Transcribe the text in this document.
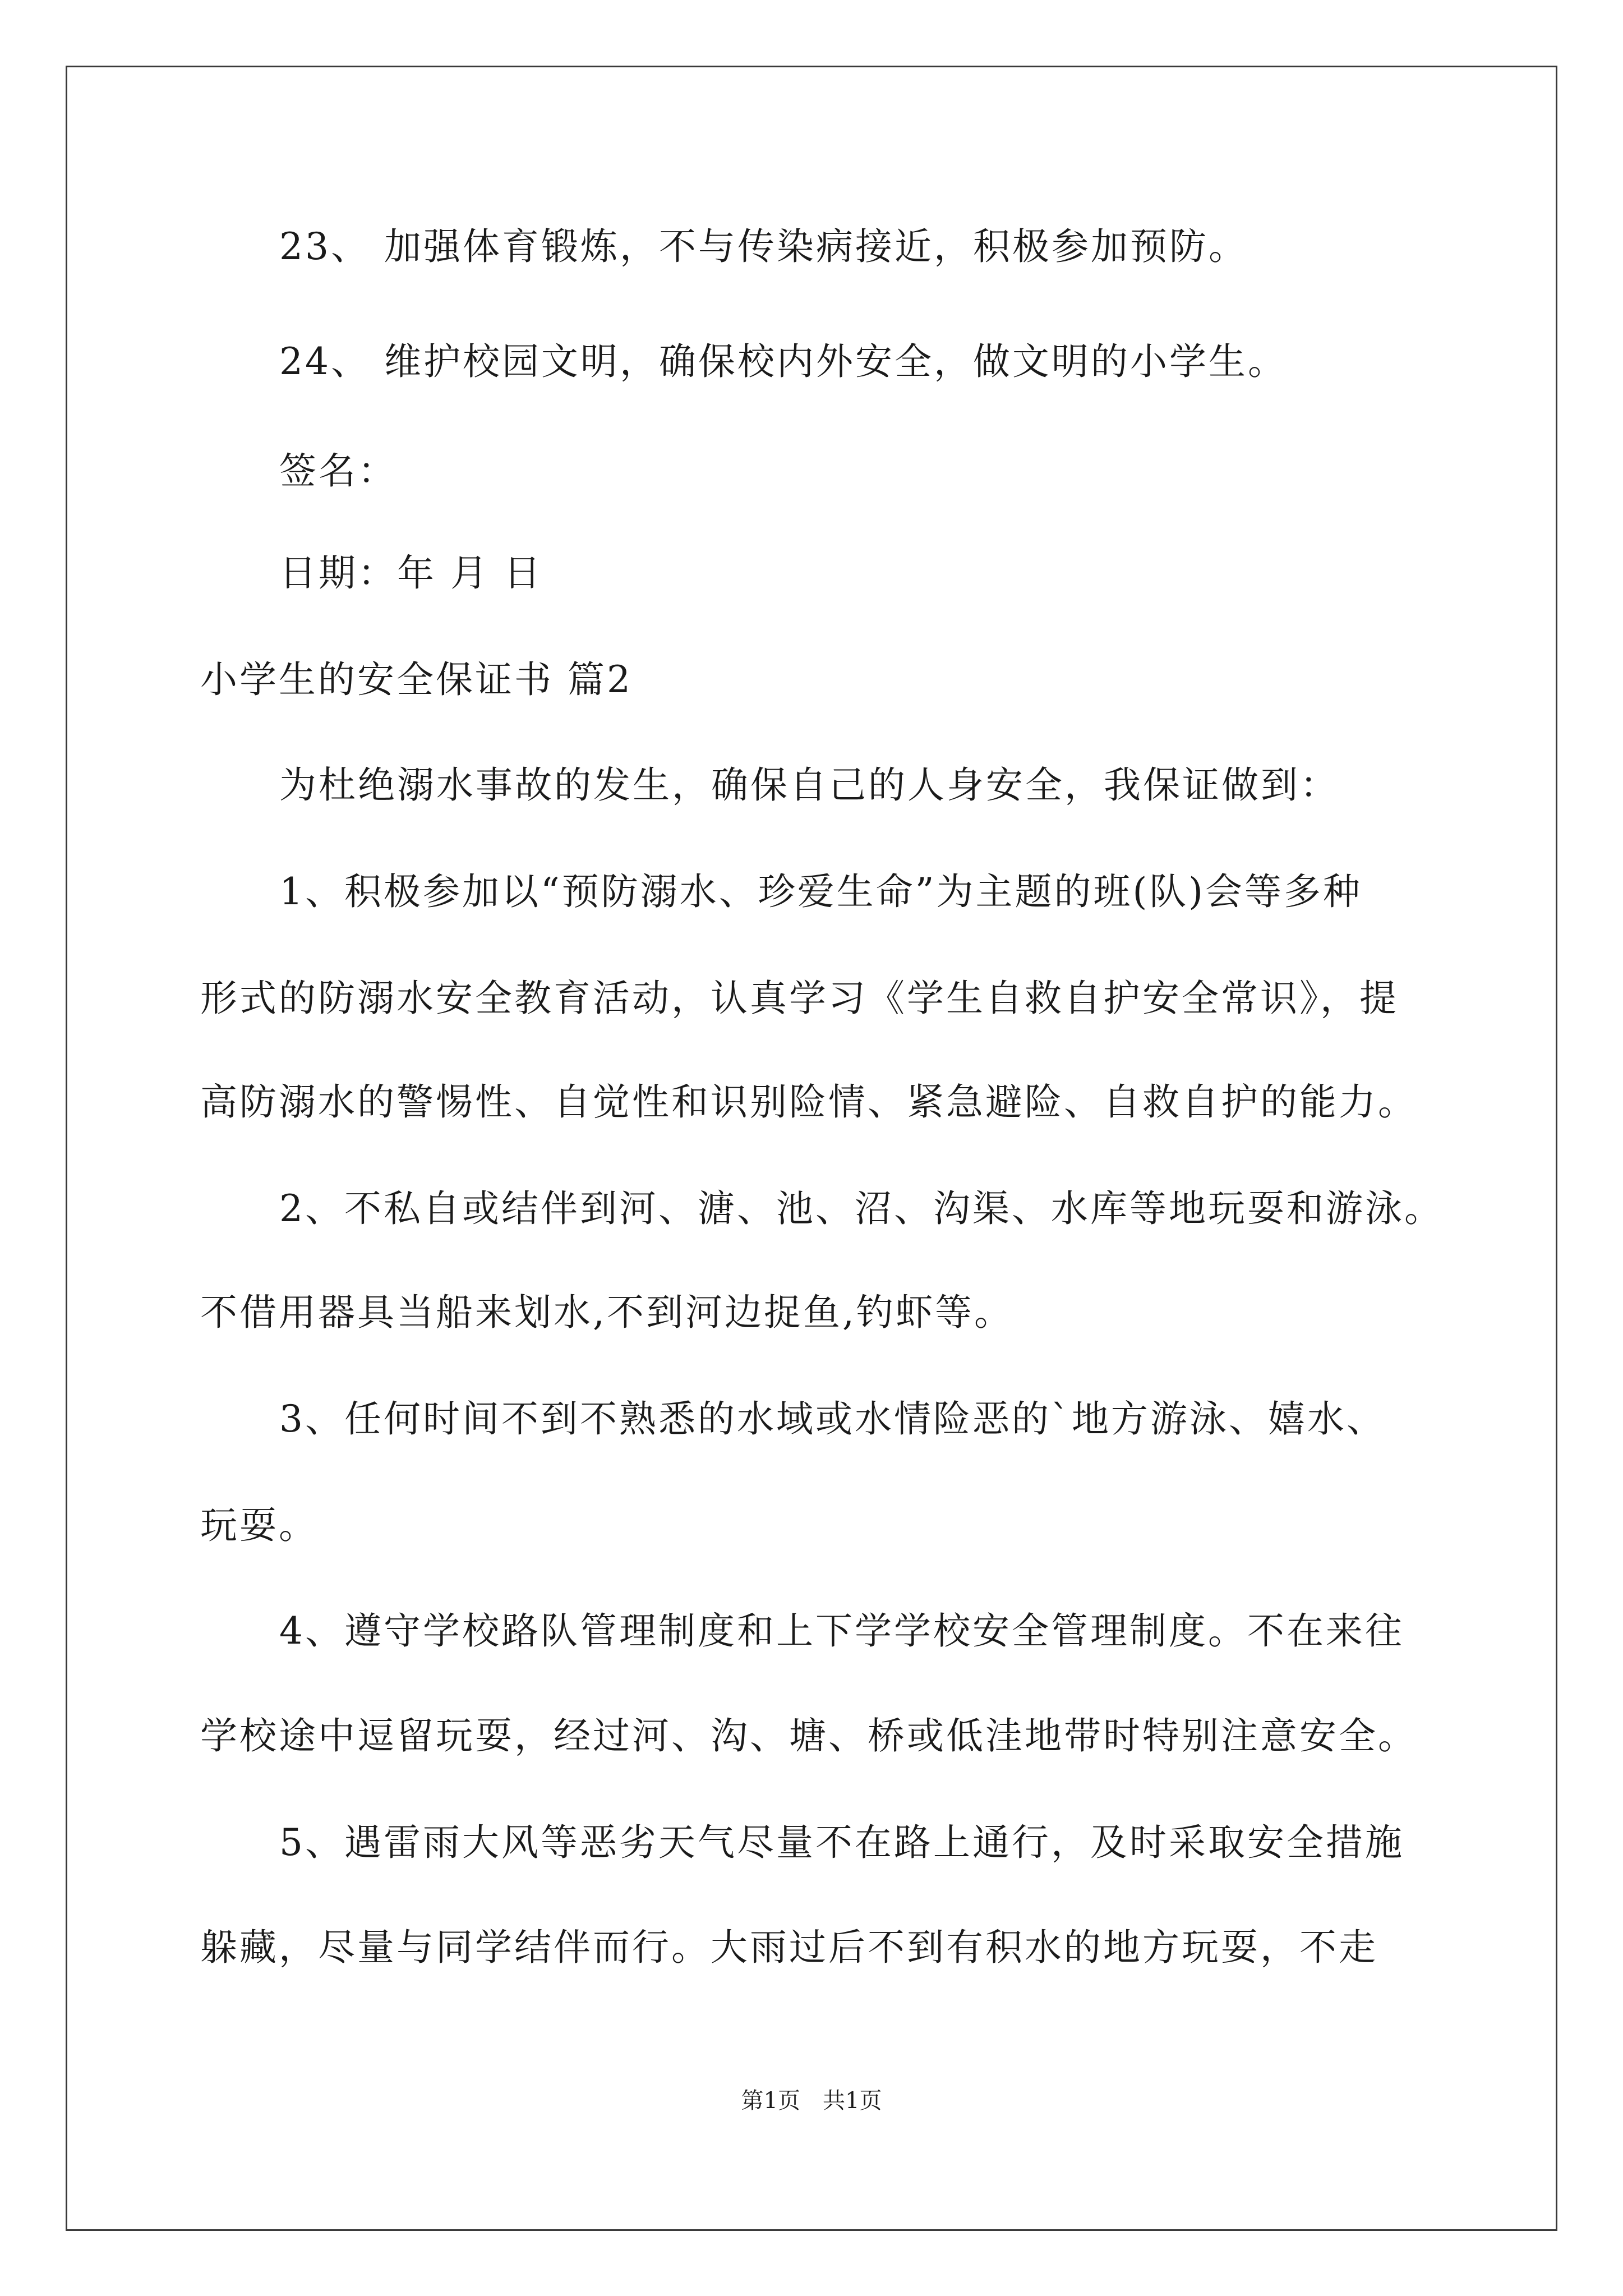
23、 加强体育锻炼，不与传染病接近，积极参加预防。
24、 维护校园文明，确保校内外安全，做文明的小学生。
签名：
日期：年 月 日
小学生的安全保证书 篇2
为杜绝溺水事故的发生，确保自己的人身安全，我保证做到：
1、积极参加以“预防溺水、珍爱生命”为主题的班(队)会等多种
形式的防溺水安全教育活动，认真学习《学生自救自护安全常识》，提
高防溺水的警惕性、自觉性和识别险情、紧急避险、自救自护的能力。
2、不私自或结伴到河、溏、池、沼、沟渠、水库等地玩耍和游泳。
不借用器具当船来划水,不到河边捉鱼,钓虾等。
3、任何时间不到不熟悉的水域或水情险恶的`地方游泳、嬉水、
玩耍。
4、遵守学校路队管理制度和上下学学校安全管理制度。不在来往
学校途中逗留玩耍，经过河、沟、塘、桥或低洼地带时特别注意安全。
5、遇雷雨大风等恶劣天气尽量不在路上通行，及时采取安全措施
躲藏，尽量与同学结伴而行。大雨过后不到有积水的地方玩耍，不走
第1页 共1页
